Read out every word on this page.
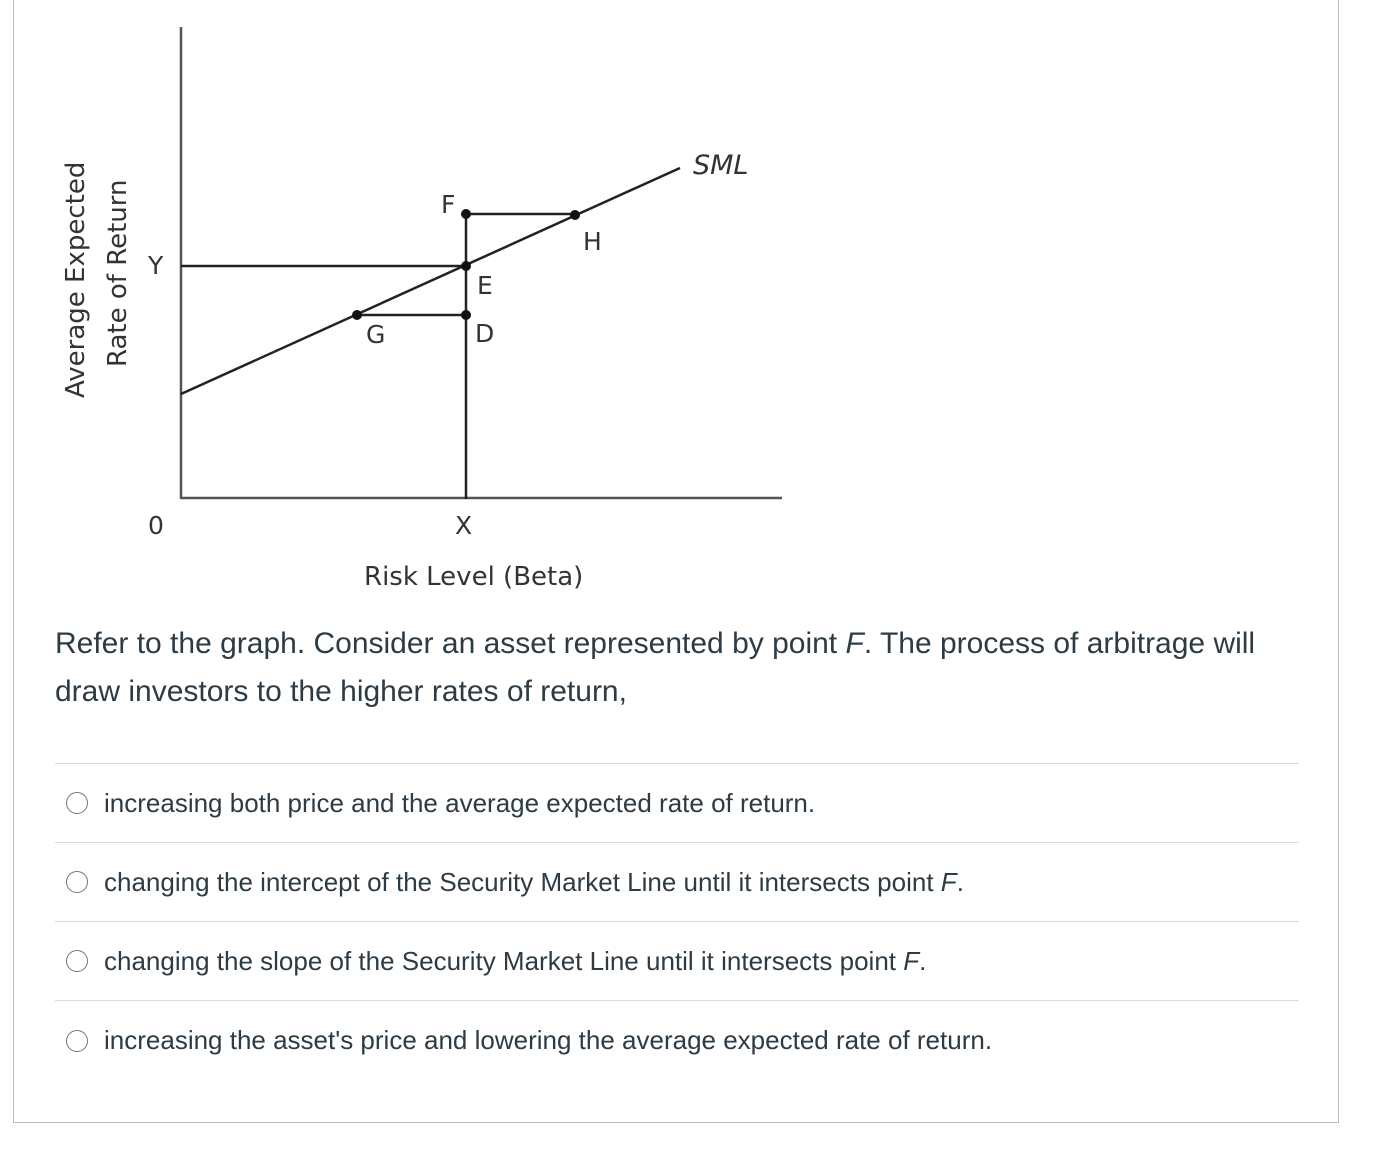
SML
F
H
E
D
G
Y
0	X
Risk Level (Beta)
Average Expected Rate of Return

Refer to the graph. Consider an asset represented by point F. The process of arbitrage will draw investors to the higher rates of return,

increasing both price and the average expected rate of return.
changing the intercept of the Security Market Line until it intersects point F.
changing the slope of the Security Market Line until it intersects point F.
increasing the asset's price and lowering the average expected rate of return.
